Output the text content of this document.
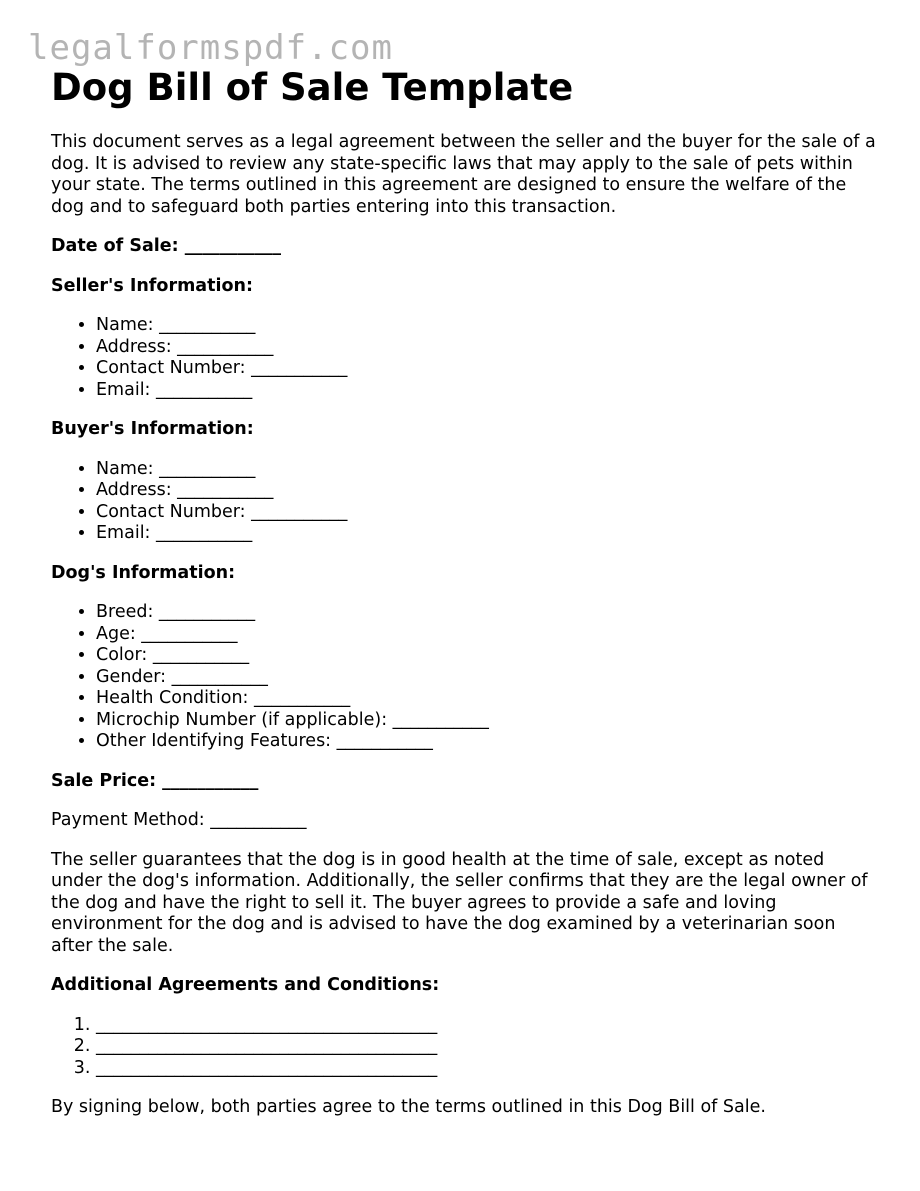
legalformspdf.com
Dog Bill of Sale Template

This document serves as a legal agreement between the seller and the buyer for the sale of a dog. It is advised to review any state-specific laws that may apply to the sale of pets within your state. The terms outlined in this agreement are designed to ensure the welfare of the dog and to safeguard both parties entering into this transaction.

Date of Sale: ___________

Seller's Information:

• Name: ___________
• Address: ___________
• Contact Number: ___________
• Email: ___________

Buyer's Information:

• Name: ___________
• Address: ___________
• Contact Number: ___________
• Email: ___________

Dog's Information:

• Breed: ___________
• Age: ___________
• Color: ___________
• Gender: ___________
• Health Condition: ___________
• Microchip Number (if applicable): ___________
• Other Identifying Features: ___________

Sale Price: ___________

Payment Method: ___________

The seller guarantees that the dog is in good health at the time of sale, except as noted under the dog's information. Additionally, the seller confirms that they are the legal owner of the dog and have the right to sell it. The buyer agrees to provide a safe and loving environment for the dog and is advised to have the dog examined by a veterinarian soon after the sale.

Additional Agreements and Conditions:

1. _______________________________________
2. _______________________________________
3. _______________________________________

By signing below, both parties agree to the terms outlined in this Dog Bill of Sale.
